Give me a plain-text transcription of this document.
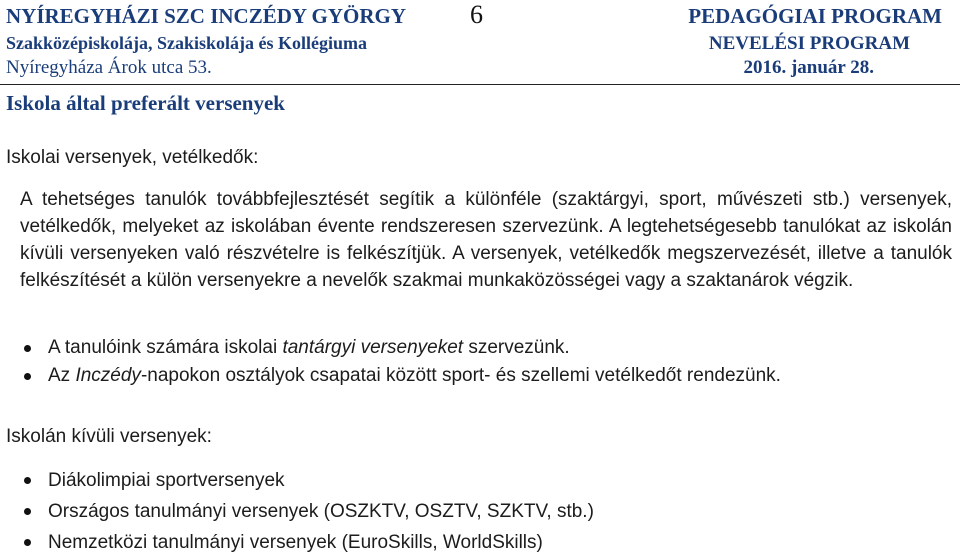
NYÍREGYHÁZI SZC INCZÉDY GYÖRGY
Szakközépiskolája, Szakiskolája és Kollégiuma
Nyíregyháza Árok utca 53.
6	PEDAGÓGIAI PROGRAM
NEVELÉSI PROGRAM
2016. január 28.
Iskola által preferált versenyek
Iskolai versenyek, vetélkedők:
A tehetséges tanulók továbbfejlesztését segítik a különféle (szaktárgyi, sport, művészeti stb.) versenyek, vetélkedők, melyeket az iskolában évente rendszeresen szervezünk. A legtehetségesebb tanulókat az iskolán kívüli versenyeken való részvételre is felkészítjük. A versenyek, vetélkedők megszervezését, illetve a tanulók felkészítését a külön versenyekre a nevelők szakmai munkaközösségei vagy a szaktanárok végzik.
A tanulóink számára iskolai tantárgyi versenyeket szervezünk.
Az Inczédy-napokon osztályok csapatai között sport- és szellemi vetélkedőt rendezünk.
Iskolán kívüli versenyek:
Diákolimpiai sportversenyek
Országos tanulmányi versenyek (OSZKTV, OSZTV, SZKTV, stb.)
Nemzetközi tanulmányi versenyek (EuroSkills, WorldSkills)
